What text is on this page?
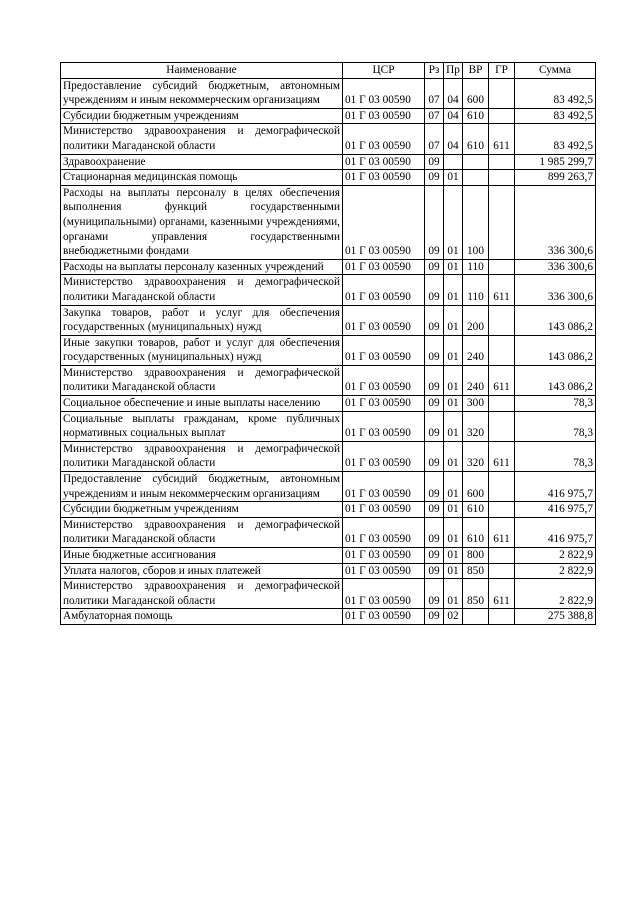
Наименование	ЦСР	Рз	Пр	ВР	ГР	Сумма
Предоставление субсидий бюджетным, автономным учреждениям и иным некоммерческим организациям	01 Г 03 00590	07	04	600		83 492,5
Субсидии бюджетным учреждениям	01 Г 03 00590	07	04	610		83 492,5
Министерство здравоохранения и демографической политики Магаданской области	01 Г 03 00590	07	04	610	611	83 492,5
Здравоохранение	01 Г 03 00590	09				1 985 299,7
Стационарная медицинская помощь	01 Г 03 00590	09	01			899 263,7
Расходы на выплаты персоналу в целях обеспечения выполнения функций государственными (муниципальными) органами, казенными учреждениями, органами управления государственными внебюджетными фондами	01 Г 03 00590	09	01	100		336 300,6
Расходы на выплаты персоналу казенных учреждений	01 Г 03 00590	09	01	110		336 300,6
Министерство здравоохранения и демографической политики Магаданской области	01 Г 03 00590	09	01	110	611	336 300,6
Закупка товаров, работ и услуг для обеспечения государственных (муниципальных) нужд	01 Г 03 00590	09	01	200		143 086,2
Иные закупки товаров, работ и услуг для обеспечения государственных (муниципальных) нужд	01 Г 03 00590	09	01	240		143 086,2
Министерство здравоохранения и демографической политики Магаданской области	01 Г 03 00590	09	01	240	611	143 086,2
Социальное обеспечение и иные выплаты населению	01 Г 03 00590	09	01	300		78,3
Социальные выплаты гражданам, кроме публичных нормативных социальных выплат	01 Г 03 00590	09	01	320		78,3
Министерство здравоохранения и демографической политики Магаданской области	01 Г 03 00590	09	01	320	611	78,3
Предоставление субсидий бюджетным, автономным учреждениям и иным некоммерческим организациям	01 Г 03 00590	09	01	600		416 975,7
Субсидии бюджетным учреждениям	01 Г 03 00590	09	01	610		416 975,7
Министерство здравоохранения и демографической политики Магаданской области	01 Г 03 00590	09	01	610	611	416 975,7
Иные бюджетные ассигнования	01 Г 03 00590	09	01	800		2 822,9
Уплата налогов, сборов и иных платежей	01 Г 03 00590	09	01	850		2 822,9
Министерство здравоохранения и демографической политики Магаданской области	01 Г 03 00590	09	01	850	611	2 822,9
Амбулаторная помощь	01 Г 03 00590	09	02			275 388,8
